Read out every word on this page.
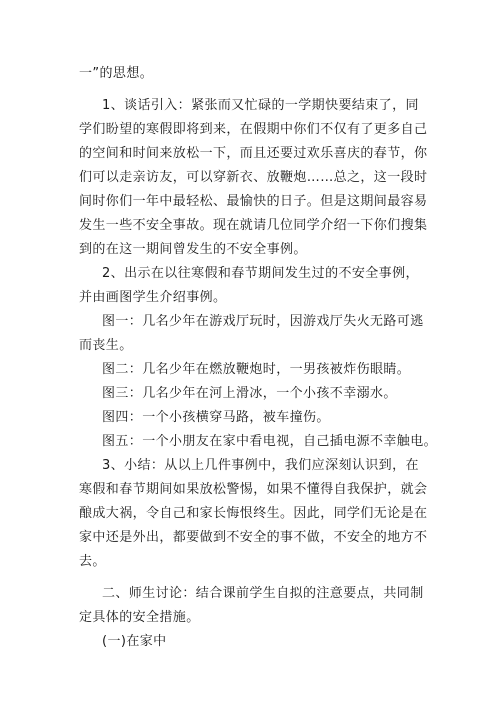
一”的思想。
1、谈话引入：紧张而又忙碌的一学期快要结束了，同
学们盼望的寒假即将到来，在假期中你们不仅有了更多自己
的空间和时间来放松一下，而且还要过欢乐喜庆的春节，你
们可以走亲访友，可以穿新衣、放鞭炮……总之，这一段时
间时你们一年中最轻松、最愉快的日子。但是这期间最容易
发生一些不安全事故。现在就请几位同学介绍一下你们搜集
到的在这一期间曾发生的不安全事例。
2、出示在以往寒假和春节期间发生过的不安全事例，
并由画图学生介绍事例。
图一：几名少年在游戏厅玩时，因游戏厅失火无路可逃
而丧生。
图二：几名少年在燃放鞭炮时，一男孩被炸伤眼睛。
图三：几名少年在河上滑冰，一个小孩不幸溺水。
图四：一个小孩横穿马路，被车撞伤。
图五：一个小朋友在家中看电视，自己插电源不幸触电。
3、小结：从以上几件事例中，我们应深刻认识到，在
寒假和春节期间如果放松警惕，如果不懂得自我保护，就会
酿成大祸，令自己和家长悔恨终生。因此，同学们无论是在
家中还是外出，都要做到不安全的事不做，不安全的地方不
去。
二、师生讨论：结合课前学生自拟的注意要点，共同制
定具体的安全措施。
(一)在家中
